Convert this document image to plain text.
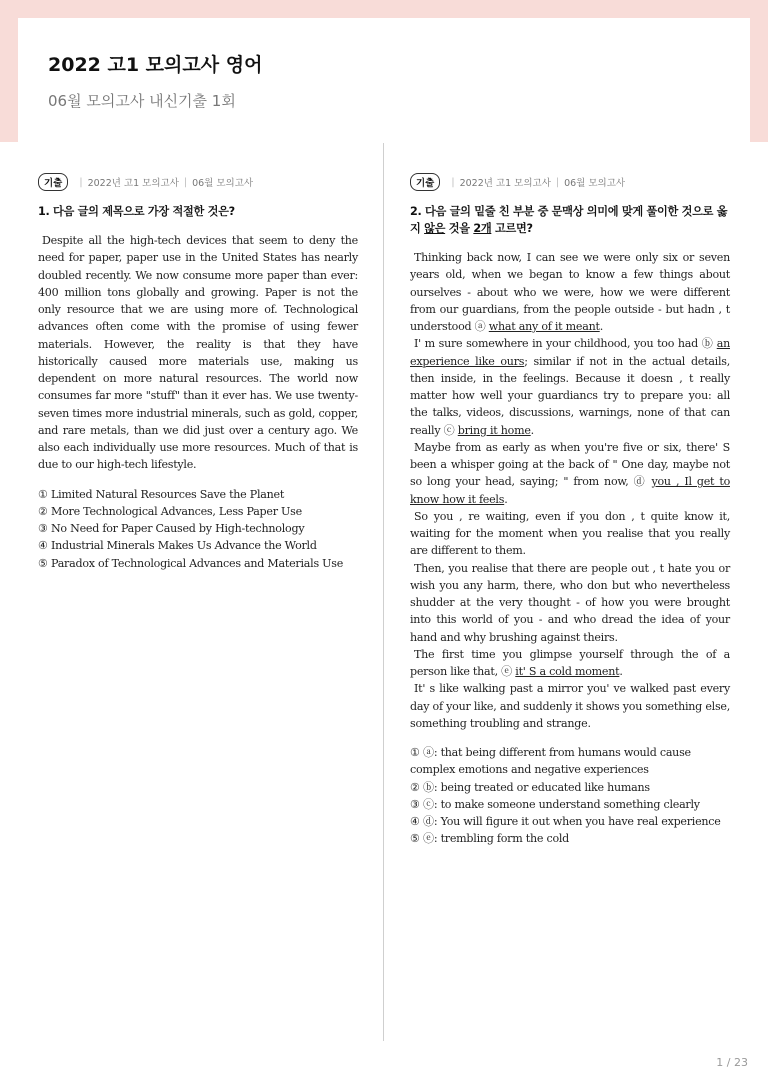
2022 고1 모의고사 영어
06월 모의고사 내신기출 1회
기출	| 2022년 고1 모의고사 | 06월 모의고사
1. 다음 글의 제목으로 가장 적절한 것은?

Despite all the high-tech devices that seem to deny the need for paper, paper use in the United States has nearly doubled recently. We now consume more paper than ever: 400 million tons globally and growing. Paper is not the only resource that we are using more of. Technological advances often come with the promise of using fewer materials. However, the reality is that they have historically caused more materials use, making us dependent on more natural resources. The world now consumes far more "stuff" than it ever has. We use twenty-seven times more industrial minerals, such as gold, copper, and rare metals, than we did just over a century ago. We also each individually use more resources. Much of that is due to our high-tech lifestyle.

① Limited Natural Resources Save the Planet
② More Technological Advances, Less Paper Use
③ No Need for Paper Caused by High-technology
④ Industrial Minerals Makes Us Advance the World
⑤ Paradox of Technological Advances and Materials Use
기출	| 2022년 고1 모의고사 | 06월 모의고사
2. 다음 글의 밑줄 친 부분 중 문맥상 의미에 맞게 풀이한 것으로 옳지 않은 것을 2개 고르면?

Thinking back now, I can see we were only six or seven years old, when we began to know a few things about ourselves - about who we were, how we were different from our guardians, from the people outside - but hadn , t understood ⓐ what any of it meant.

I' m sure somewhere in your childhood, you too had ⓑ an experience like ours; similar if not in the actual details, then inside, in the feelings. Because it doesn , t really matter how well your guardiancs try to prepare you: all the talks, videos, discussions, warnings, none of that can really ⓒ bring it home.

Maybe from as early as when you're five or six, there' S been a whisper going at the back of " One day, maybe not so long your head, saying; " from now, ⓓ you , Il get to know how it feels.

So you , re waiting, even if you don , t quite know it, waiting for the moment when you realise that you really are different to them.

Then, you realise that there are people out , t hate you or wish you any harm, there, who don but who nevertheless shudder at the very thought - of how you were brought into this world of you - and who dread the idea of your hand and why brushing against theirs.

The first time you glimpse yourself through the of a person like that, ⓔ it' S a cold moment.

It' s like walking past a mirror you' ve walked past every day of your like, and suddenly it shows you something else, something troubling and strange.

① ⓐ: that being different from humans would cause complex emotions and negative experiences
② ⓑ: being treated or educated like humans
③ ⓒ: to make someone understand something clearly
④ ⓓ: You will figure it out when you have real experience
⑤ ⓔ: trembling form the cold
1 / 23
